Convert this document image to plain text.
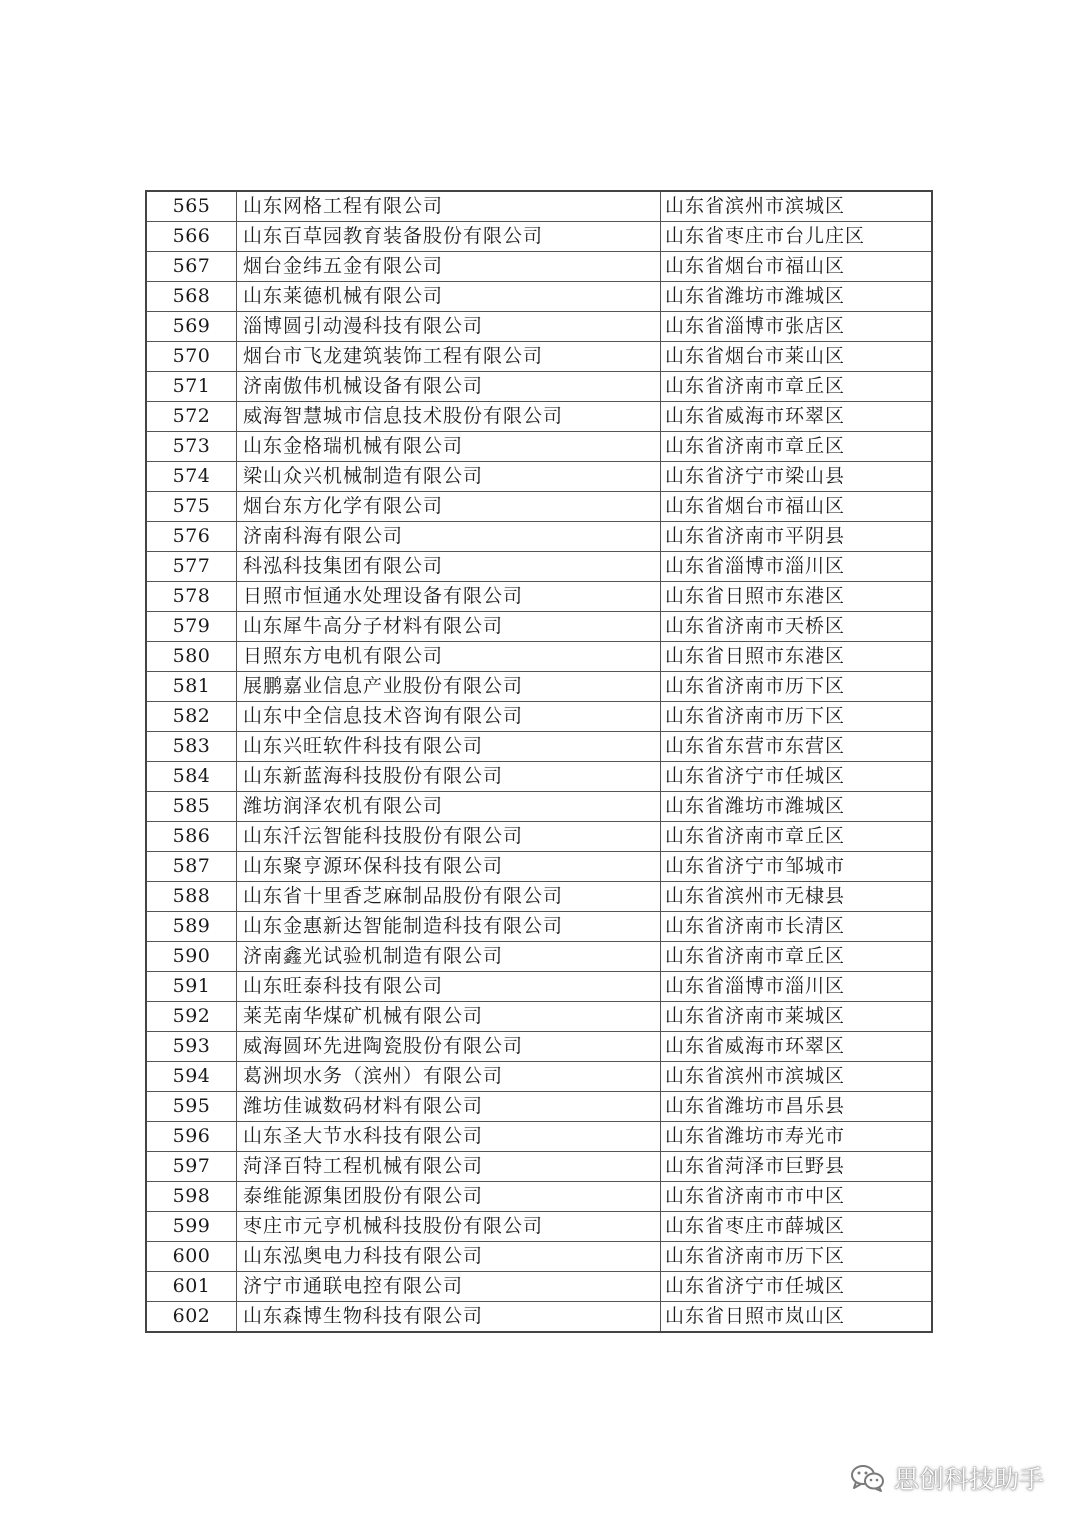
565	山东网格工程有限公司	山东省滨州市滨城区
566	山东百草园教育装备股份有限公司	山东省枣庄市台儿庄区
567	烟台金纬五金有限公司	山东省烟台市福山区
568	山东莱德机械有限公司	山东省潍坊市潍城区
569	淄博圆引动漫科技有限公司	山东省淄博市张店区
570	烟台市飞龙建筑装饰工程有限公司	山东省烟台市莱山区
571	济南傲伟机械设备有限公司	山东省济南市章丘区
572	威海智慧城市信息技术股份有限公司	山东省威海市环翠区
573	山东金格瑞机械有限公司	山东省济南市章丘区
574	梁山众兴机械制造有限公司	山东省济宁市梁山县
575	烟台东方化学有限公司	山东省烟台市福山区
576	济南科海有限公司	山东省济南市平阴县
577	科泓科技集团有限公司	山东省淄博市淄川区
578	日照市恒通水处理设备有限公司	山东省日照市东港区
579	山东犀牛高分子材料有限公司	山东省济南市天桥区
580	日照东方电机有限公司	山东省日照市东港区
581	展鹏嘉业信息产业股份有限公司	山东省济南市历下区
582	山东中全信息技术咨询有限公司	山东省济南市历下区
583	山东兴旺软件科技有限公司	山东省东营市东营区
584	山东新蓝海科技股份有限公司	山东省济宁市任城区
585	潍坊润泽农机有限公司	山东省潍坊市潍城区
586	山东汘沄智能科技股份有限公司	山东省济南市章丘区
587	山东聚亨源环保科技有限公司	山东省济宁市邹城市
588	山东省十里香芝麻制品股份有限公司	山东省滨州市无棣县
589	山东金惠新达智能制造科技有限公司	山东省济南市长清区
590	济南鑫光试验机制造有限公司	山东省济南市章丘区
591	山东旺泰科技有限公司	山东省淄博市淄川区
592	莱芜南华煤矿机械有限公司	山东省济南市莱城区
593	威海圆环先进陶瓷股份有限公司	山东省威海市环翠区
594	葛洲坝水务（滨州）有限公司	山东省滨州市滨城区
595	潍坊佳诚数码材料有限公司	山东省潍坊市昌乐县
596	山东圣大节水科技有限公司	山东省潍坊市寿光市
597	菏泽百特工程机械有限公司	山东省菏泽市巨野县
598	泰维能源集团股份有限公司	山东省济南市市中区
599	枣庄市元亨机械科技股份有限公司	山东省枣庄市薛城区
600	山东泓奥电力科技有限公司	山东省济南市历下区
601	济宁市通联电控有限公司	山东省济宁市任城区
602	山东森博生物科技有限公司	山东省日照市岚山区
思创科技助手
